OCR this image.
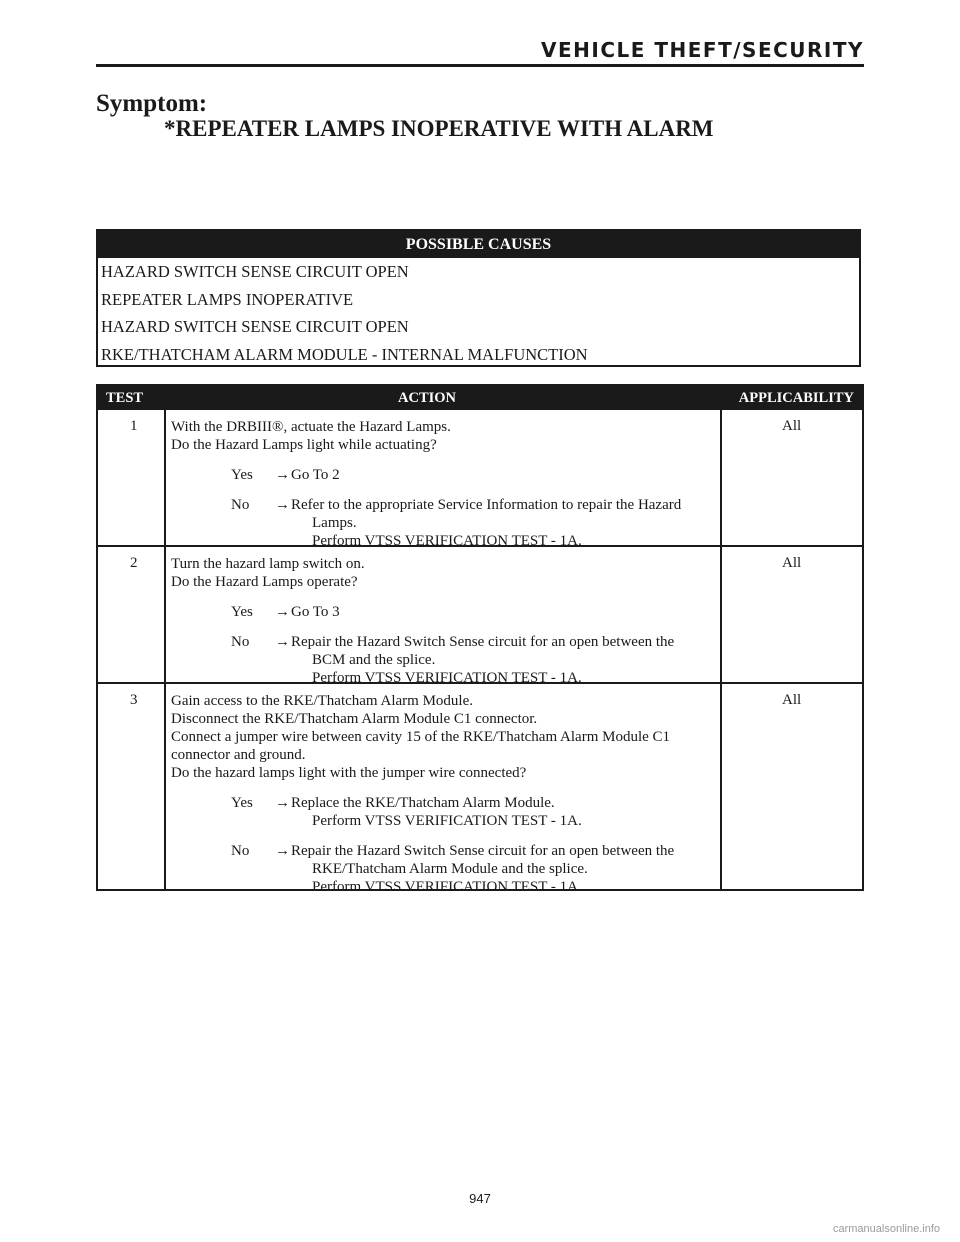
VEHICLE THEFT/SECURITY
Symptom:
*REPEATER LAMPS INOPERATIVE WITH ALARM
POSSIBLE CAUSES
HAZARD SWITCH SENSE CIRCUIT OPEN
REPEATER LAMPS INOPERATIVE
HAZARD SWITCH SENSE CIRCUIT OPEN
RKE/THATCHAM ALARM MODULE - INTERNAL MALFUNCTION
TEST	ACTION	APPLICABILITY
1 With the DRBIII®, actuate the Hazard Lamps.
Do the Hazard Lamps light while actuating?
Yes → Go To 2
No → Refer to the appropriate Service Information to repair the Hazard
Lamps.
Perform VTSS VERIFICATION TEST - 1A.
All
2 Turn the hazard lamp switch on.
Do the Hazard Lamps operate?
Yes → Go To 3
No → Repair the Hazard Switch Sense circuit for an open between the
BCM and the splice.
Perform VTSS VERIFICATION TEST - 1A.
All
3 Gain access to the RKE/Thatcham Alarm Module.
Disconnect the RKE/Thatcham Alarm Module C1 connector.
Connect a jumper wire between cavity 15 of the RKE/Thatcham Alarm Module C1
connector and ground.
Do the hazard lamps light with the jumper wire connected?
Yes → Replace the RKE/Thatcham Alarm Module.
Perform VTSS VERIFICATION TEST - 1A.
No → Repair the Hazard Switch Sense circuit for an open between the
RKE/Thatcham Alarm Module and the splice.
Perform VTSS VERIFICATION TEST - 1A.
All
947
carmanualsonline.info
